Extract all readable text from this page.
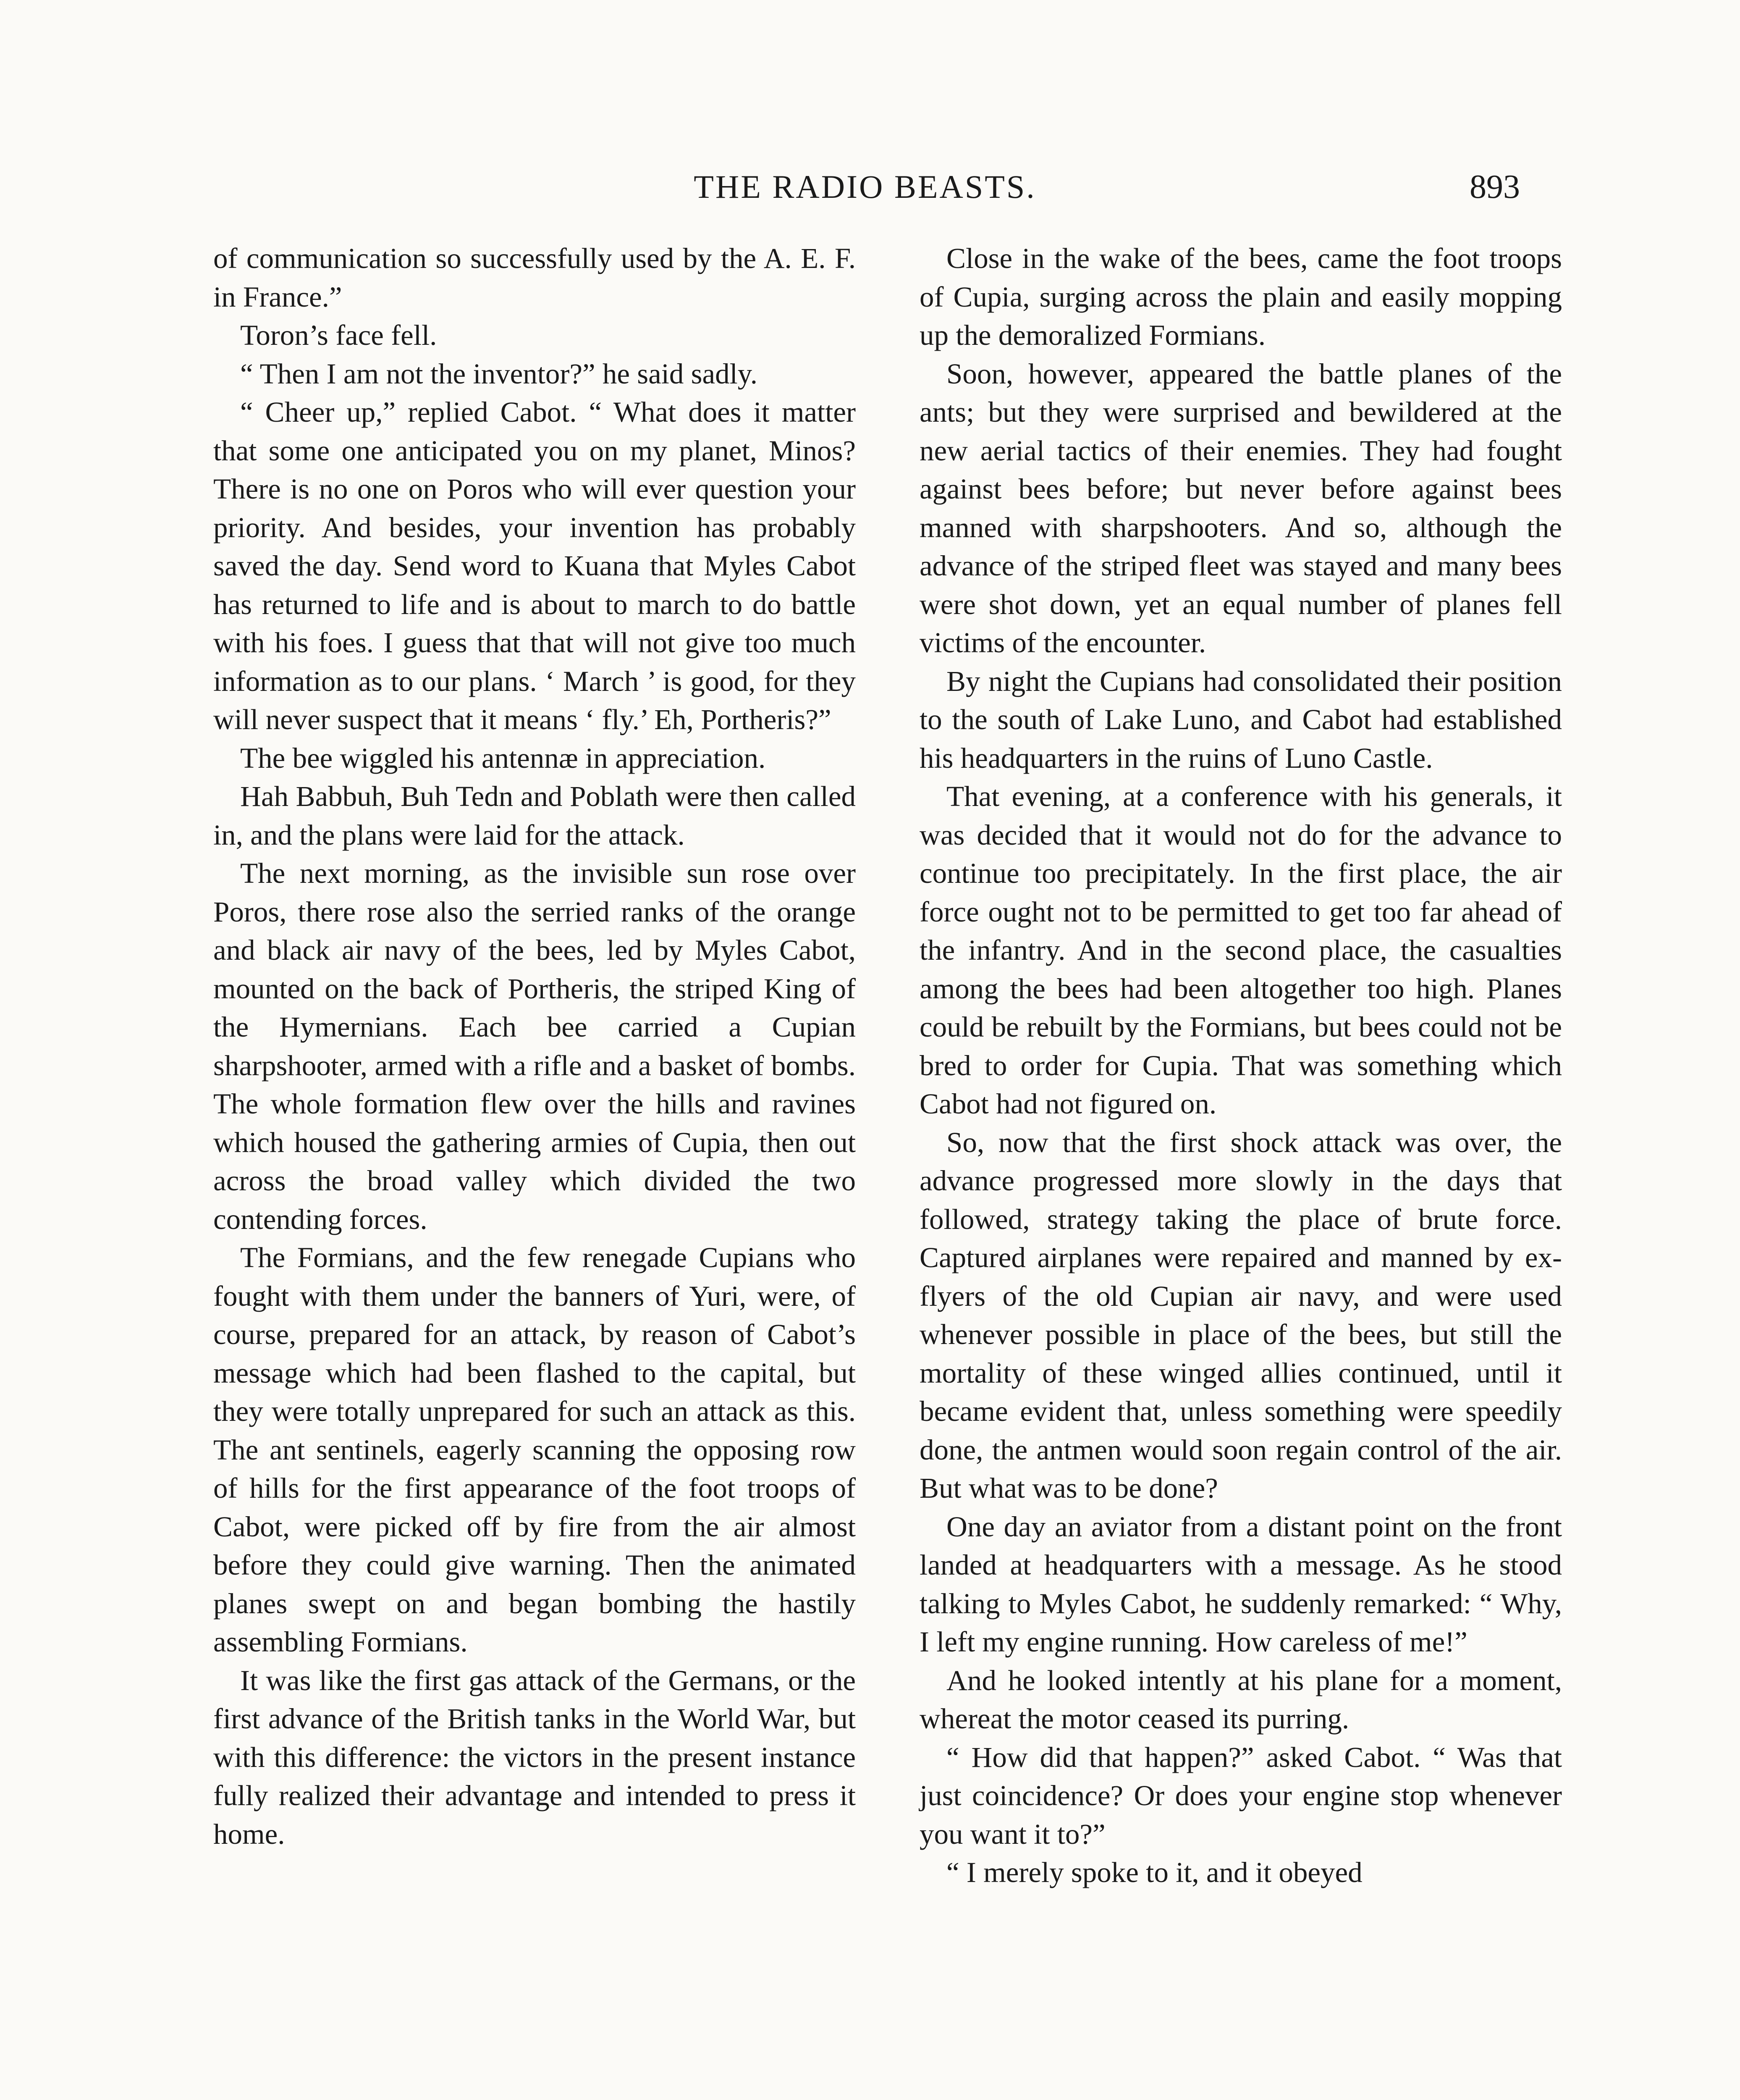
THE RADIO BEASTS.	893

of communication so successfully used by the A. E. F. in France.”

Toron’s face fell.

“ Then I am not the inventor?” he said sadly.

“ Cheer up,” replied Cabot. “ What does it matter that some one anticipated you on my planet, Minos? There is no one on Poros who will ever question your priority. And besides, your invention has probably saved the day. Send word to Kuana that Myles Cabot has returned to life and is about to march to do battle with his foes. I guess that that will not give too much information as to our plans. ‘ March ’ is good, for they will never suspect that it means ‘ fly.’ Eh, Portheris?”

The bee wiggled his antennæ in appreciation.

Hah Babbuh, Buh Tedn and Poblath were then called in, and the plans were laid for the attack.

The next morning, as the invisible sun rose over Poros, there rose also the serried ranks of the orange and black air navy of the bees, led by Myles Cabot, mounted on the back of Portheris, the striped King of the Hymernians. Each bee carried a Cupian sharpshooter, armed with a rifle and a basket of bombs. The whole formation flew over the hills and ravines which housed the gathering armies of Cupia, then out across the broad valley which divided the two contending forces.

The Formians, and the few renegade Cupians who fought with them under the banners of Yuri, were, of course, prepared for an attack, by reason of Cabot’s message which had been flashed to the capital, but they were totally unprepared for such an attack as this. The ant sentinels, eagerly scanning the opposing row of hills for the first appearance of the foot troops of Cabot, were picked off by fire from the air almost before they could give warning. Then the animated planes swept on and began bombing the hastily assembling Formians.

It was like the first gas attack of the Germans, or the first advance of the British tanks in the World War, but with this difference: the victors in the present instance fully realized their advantage and intended to press it home.

Close in the wake of the bees, came the foot troops of Cupia, surging across the plain and easily mopping up the demoralized Formians.

Soon, however, appeared the battle planes of the ants; but they were surprised and bewildered at the new aerial tactics of their enemies. They had fought against bees before; but never before against bees manned with sharpshooters. And so, although the advance of the striped fleet was stayed and many bees were shot down, yet an equal number of planes fell victims of the encounter.

By night the Cupians had consolidated their position to the south of Lake Luno, and Cabot had established his headquarters in the ruins of Luno Castle.

That evening, at a conference with his generals, it was decided that it would not do for the advance to continue too precipitately. In the first place, the air force ought not to be permitted to get too far ahead of the infantry. And in the second place, the casualties among the bees had been altogether too high. Planes could be rebuilt by the Formians, but bees could not be bred to order for Cupia. That was something which Cabot had not figured on.

So, now that the first shock attack was over, the advance progressed more slowly in the days that followed, strategy taking the place of brute force. Captured airplanes were repaired and manned by ex-flyers of the old Cupian air navy, and were used whenever possible in place of the bees, but still the mortality of these winged allies continued, until it became evident that, unless something were speedily done, the antmen would soon regain control of the air. But what was to be done?

One day an aviator from a distant point on the front landed at headquarters with a message. As he stood talking to Myles Cabot, he suddenly remarked: “ Why, I left my engine running. How careless of me!”

And he looked intently at his plane for a moment, whereat the motor ceased its purring.

“ How did that happen?” asked Cabot. “ Was that just coincidence? Or does your engine stop whenever you want it to?”

“ I merely spoke to it, and it obeyed
